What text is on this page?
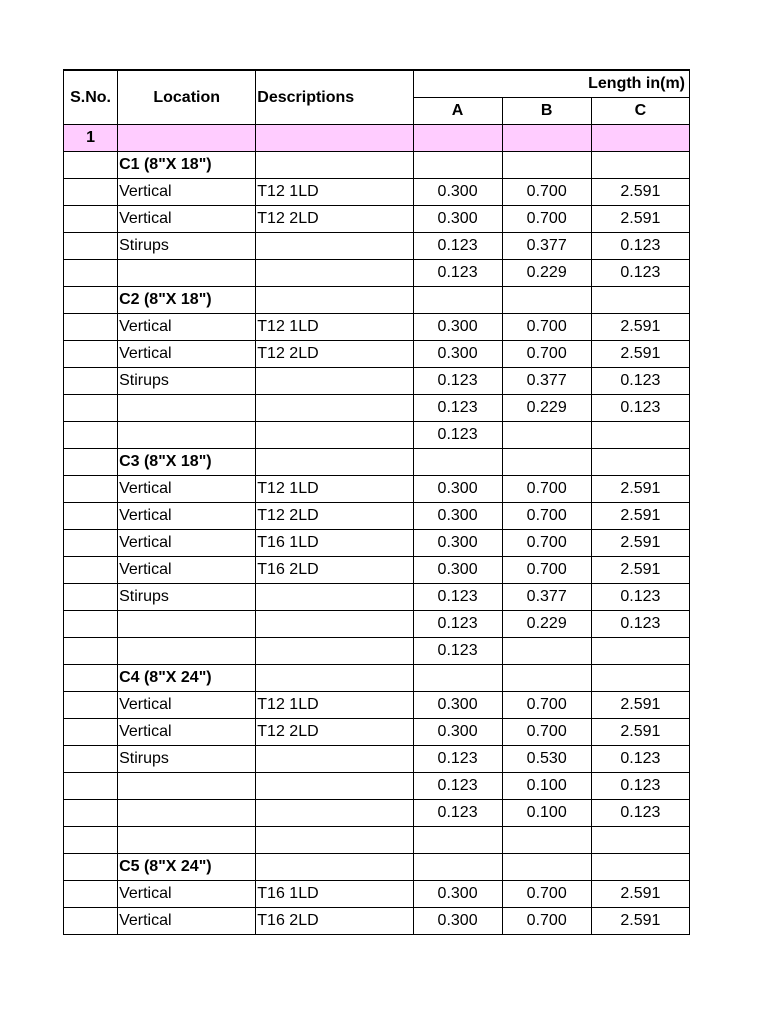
S.No.	Location	Descriptions	Length in(m)		
			A	B	C
1					
	C1 (8"X 18")				
	Vertical	T12 1LD	0.300	0.700	2.591
	Vertical	T12 2LD	0.300	0.700	2.591
	Stirups		0.123	0.377	0.123
			0.123	0.229	0.123
	C2 (8"X 18")				
	Vertical	T12 1LD	0.300	0.700	2.591
	Vertical	T12 2LD	0.300	0.700	2.591
	Stirups		0.123	0.377	0.123
			0.123	0.229	0.123
			0.123		
	C3 (8"X 18")				
	Vertical	T12 1LD	0.300	0.700	2.591
	Vertical	T12 2LD	0.300	0.700	2.591
	Vertical	T16 1LD	0.300	0.700	2.591
	Vertical	T16 2LD	0.300	0.700	2.591
	Stirups		0.123	0.377	0.123
			0.123	0.229	0.123
			0.123		
	C4 (8"X 24")				
	Vertical	T12 1LD	0.300	0.700	2.591
	Vertical	T12 2LD	0.300	0.700	2.591
	Stirups		0.123	0.530	0.123
			0.123	0.100	0.123
			0.123	0.100	0.123

	C5 (8"X 24")				
	Vertical	T16 1LD	0.300	0.700	2.591
	Vertical	T16 2LD	0.300	0.700	2.591
